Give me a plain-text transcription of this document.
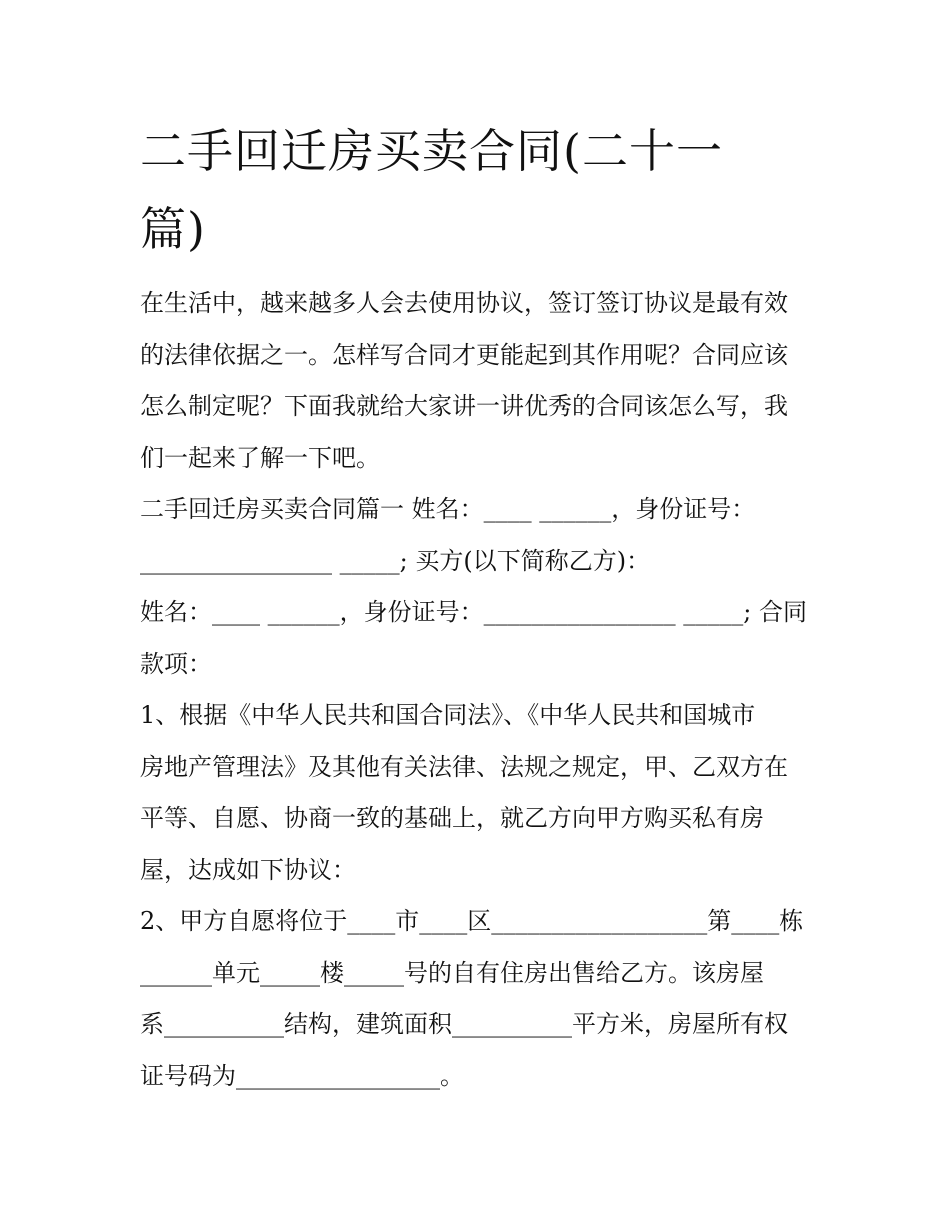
二手回迁房买卖合同(二十一
篇)
在生活中，越来越多人会去使用协议，签订签订协议是最有效
的法律依据之一。怎样写合同才更能起到其作用呢？合同应该
怎么制定呢？下面我就给大家讲一讲优秀的合同该怎么写，我
们一起来了解一下吧。
二手回迁房买卖合同篇一 姓名：____ ______，身份证号：
________________ _____; 买方(以下简称乙方)：
姓名：____ ______，身份证号：________________ _____; 合同
款项：
1、根据《中华人民共和国合同法》、《中华人民共和国城市
房地产管理法》及其他有关法律、法规之规定，甲、乙双方在
平等、自愿、协商一致的基础上，就乙方向甲方购买私有房
屋，达成如下协议：
2、甲方自愿将位于____市____区__________________第____栋
______单元_____楼_____号的自有住房出售给乙方。该房屋
系__________结构，建筑面积__________平方米，房屋所有权
证号码为_________________。
